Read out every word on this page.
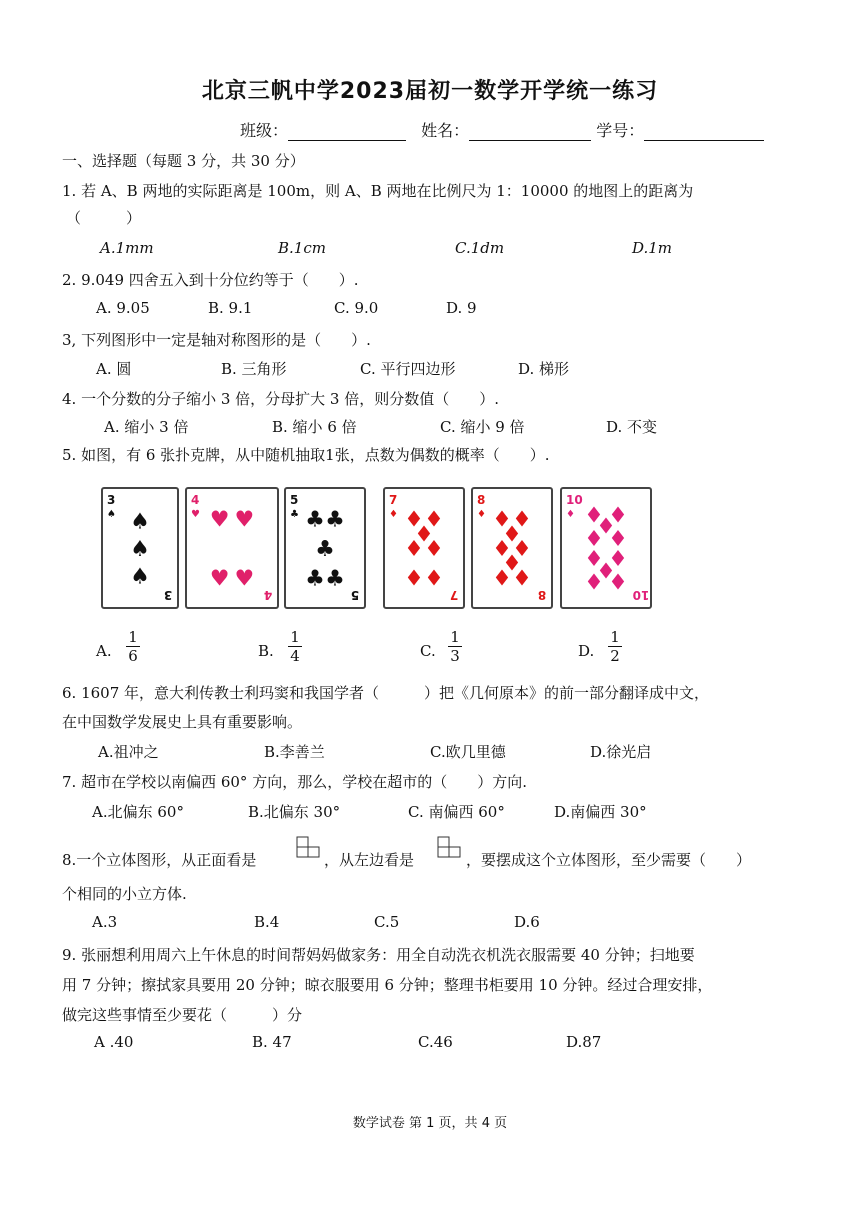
北京三帆中学2023届初一数学开学统一练习
班级：	姓名：	学号：
一、选择题（每题 3 分，共 30 分）
1. 若 A、B 两地的实际距离是 100m，则 A、B 两地在比例尺为 1：10000 的地图上的距离为
（　　　）
A.1mm	B.1cm	C.1dm	D.1m
2. 9.049 四舍五入到十分位约等于（　　）.
A. 9.05	B. 9.1	C. 9.0	D. 9
3, 下列图形中一定是轴对称图形的是（　　）.
A. 圆	B. 三角形	C. 平行四边形	D. 梯形
4. 一个分数的分子缩小 3 倍，分母扩大 3 倍，则分数值（　　）.
A. 缩小 3 倍	B. 缩小 6 倍	C. 缩小 9 倍	D. 不变
5. 如图，有 6 张扑克牌，从中随机抽取1张，点数为偶数的概率（　　）.
3
♠ ♠
♠
♠
3
4
♥ ♥ ♥
♥ ♥
4
5
♣ ♣ ♣
♣
♣ ♣
5
7
♦ ♦ ♦
♦
♦ ♦
♦ ♦
7
8
♦ ♦ ♦
♦
♦ ♦
♦
♦ ♦
8
10
♦ ♦ ♦
♦
♦ ♦
♦ ♦
♦
♦ ♦ 10
A. $\frac{1}{6}$	B. $\frac{1}{4}$	C. $\frac{1}{3}$	D. $\frac{1}{2}$
6. 1607 年，意大利传教士利玛窦和我国学者（　　　）把《几何原本》的前一部分翻译成中文，
在中国数学发展史上具有重要影响。
A.祖冲之	B.李善兰	C.欧几里德	D.徐光启
7. 超市在学校以南偏西 60° 方向，那么，学校在超市的（　　）方向.
A.北偏东 60°	B.北偏东 30°	C. 南偏西 60°	D.南偏西 30°
8.一个立体图形，从正面看是	，从左边看是	，要摆成这个立体图形，至少需要（　　）
个相同的小立方体.
A.3	B.4	C.5	D.6
9. 张丽想利用周六上午休息的时间帮妈妈做家务：用全自动洗衣机洗衣服需要 40 分钟；扫地要
用 7 分钟；擦拭家具要用 20 分钟；晾衣服要用 6 分钟；整理书柜要用 10 分钟。经过合理安排，
做完这些事情至少要花（　　　）分
A .40	B. 47	C.46	D.87
数学试卷 第 1 页，共 4 页
